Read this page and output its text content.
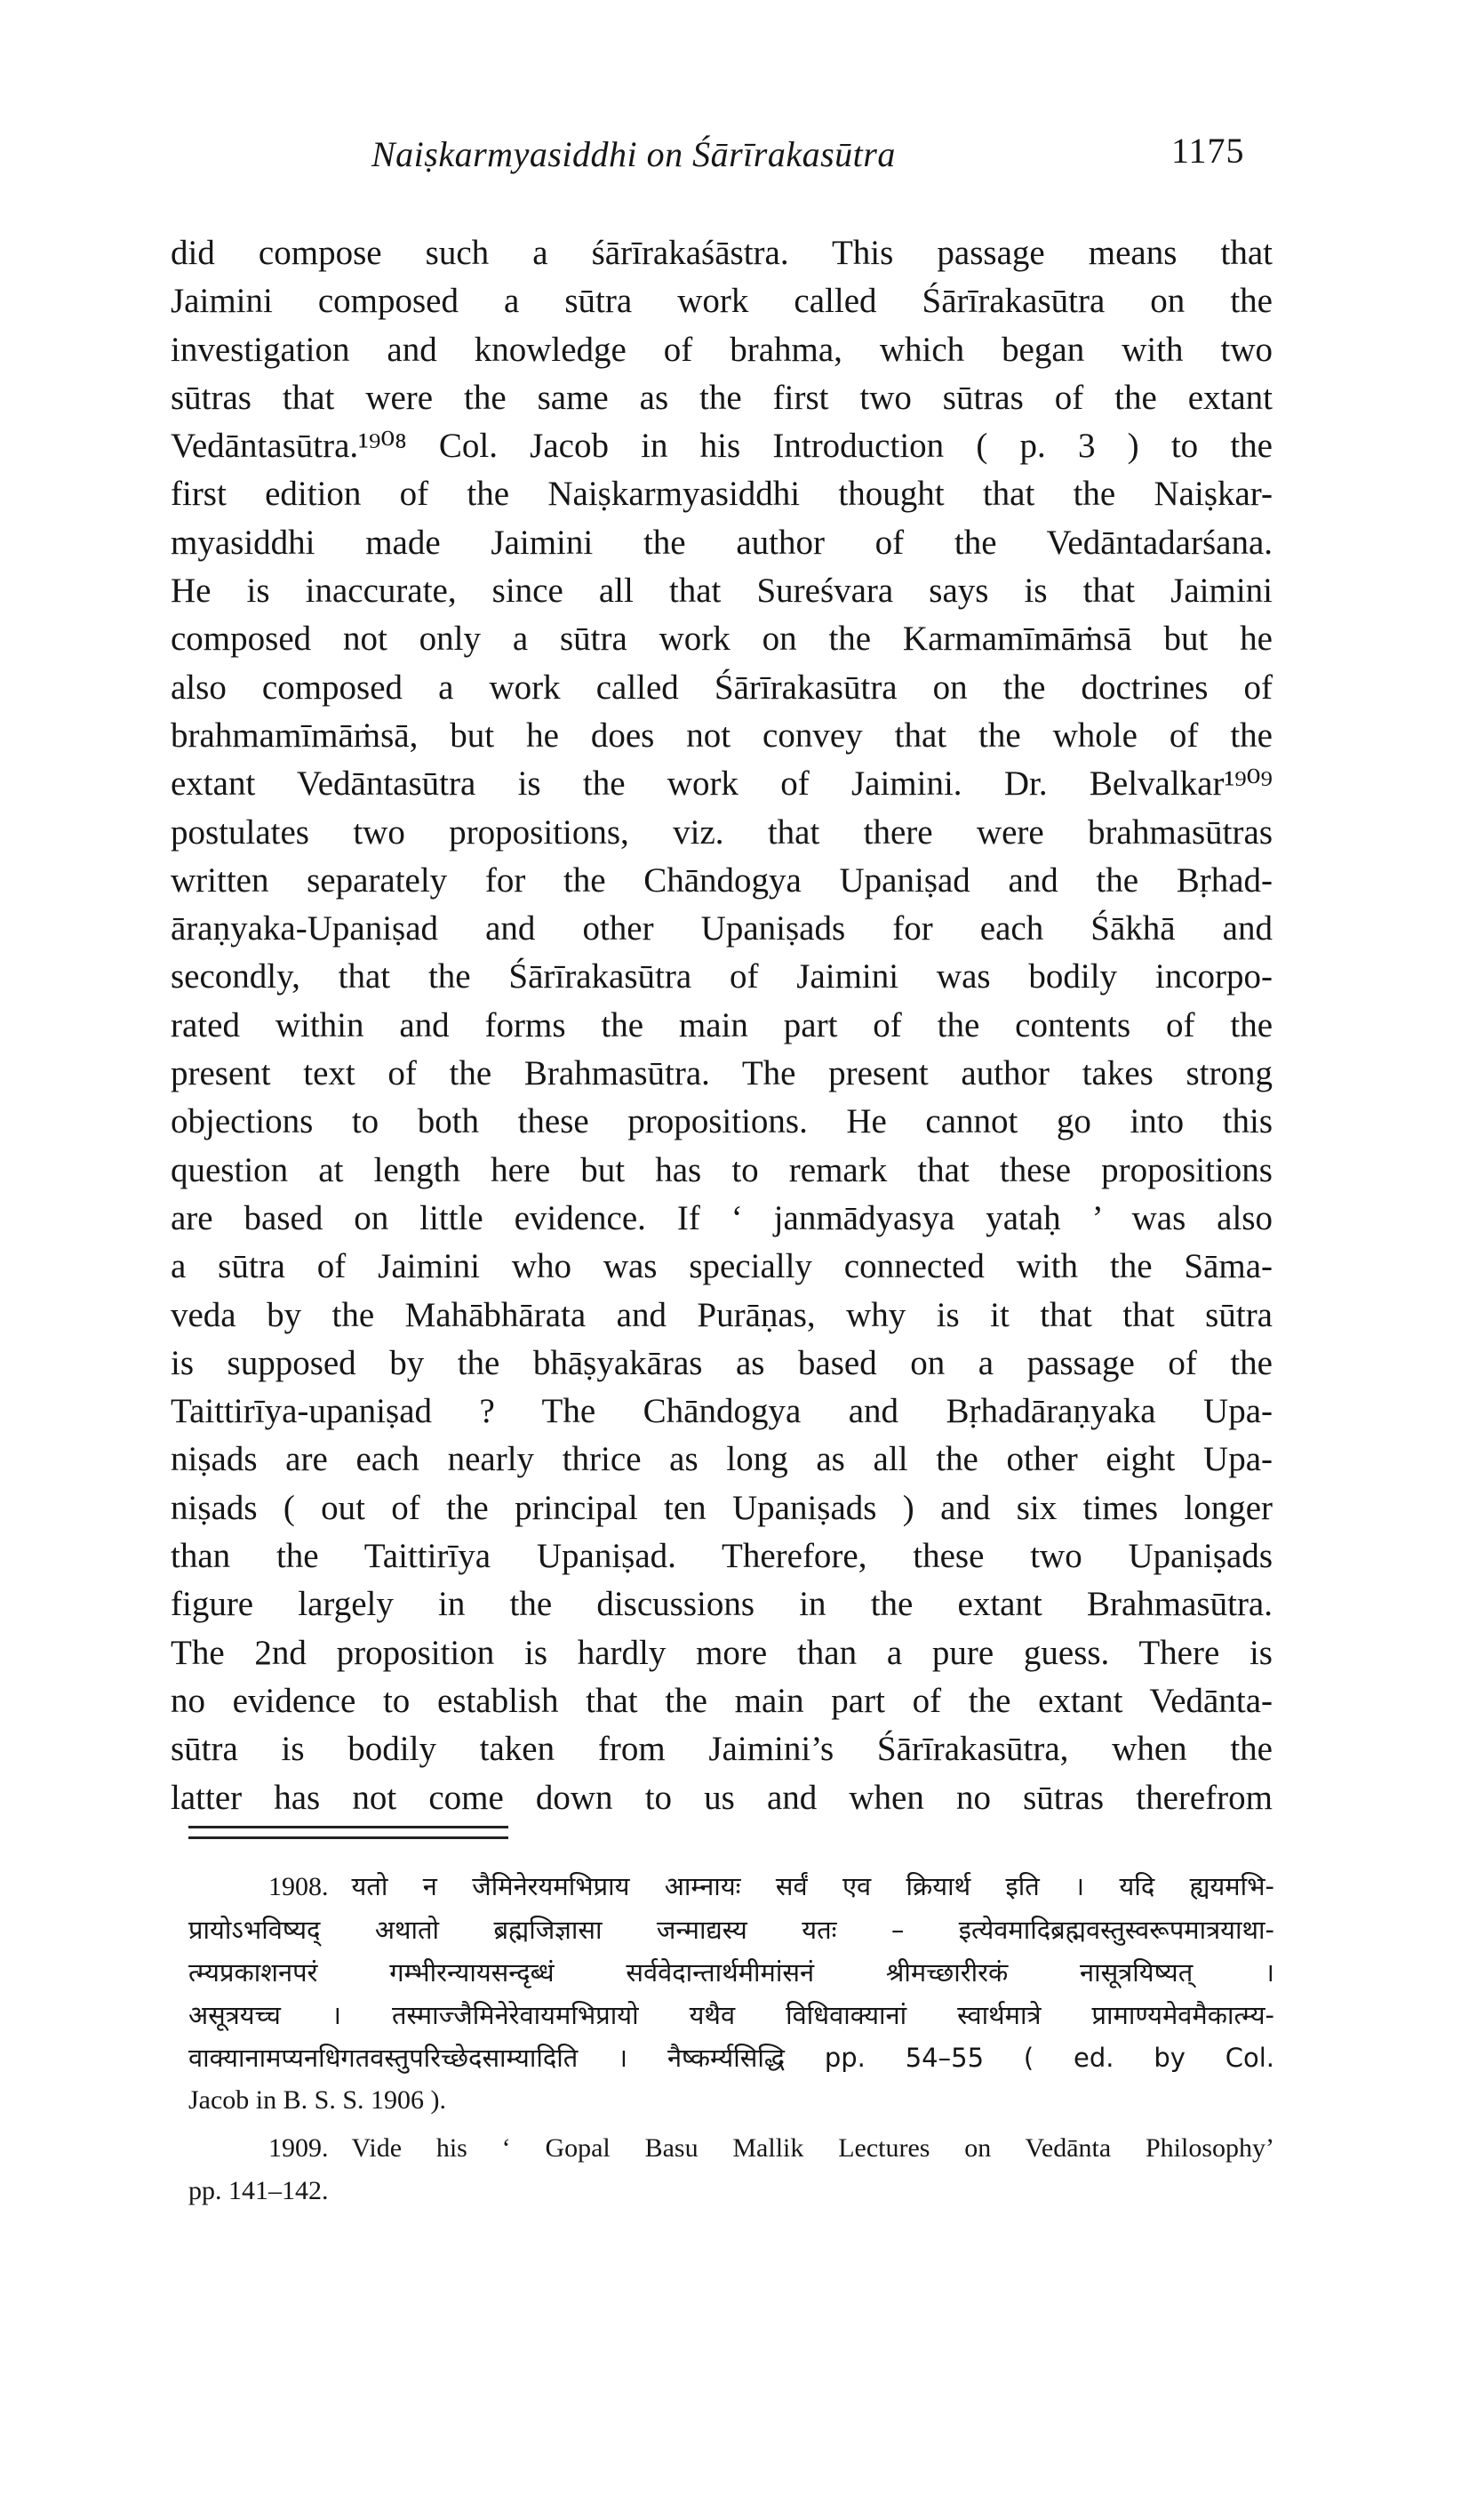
Naiṣkarmyasiddhi on Śārīrakasūtra	1175
did compose such a śārīrakaśāstra. This passage means that
Jaimini composed a sūtra work called Śārīrakasūtra on the
investigation and knowledge of brahma, which began with two
sūtras that were the same as the first two sūtras of the extant
Vedāntasūtra.¹⁹⁰⁸ Col. Jacob in his Introduction ( p. 3 ) to the
first edition of the Naiṣkarmyasiddhi thought that the Naiṣkar-
myasiddhi made Jaimini the author of the Vedāntadarśana.
He is inaccurate, since all that Sureśvara says is that Jaimini
composed not only a sūtra work on the Karmamīmāṁsā but he
also composed a work called Śārīrakasūtra on the doctrines of
brahmamīmāṁsā, but he does not convey that the whole of the
extant Vedāntasūtra is the work of Jaimini. Dr. Belvalkar¹⁹⁰⁹
postulates two propositions, viz. that there were brahmasūtras
written separately for the Chāndogya Upaniṣad and the Bṛhad-
āraṇyaka-Upaniṣad and other Upaniṣads for each Śākhā and
secondly, that the Śārīrakasūtra of Jaimini was bodily incorpo-
rated within and forms the main part of the contents of the
present text of the Brahmasūtra. The present author takes strong
objections to both these propositions. He cannot go into this
question at length here but has to remark that these propositions
are based on little evidence. If ‘ janmādyasya yataḥ ’ was also
a sūtra of Jaimini who was specially connected with the Sāma-
veda by the Mahābhārata and Purāṇas, why is it that that sūtra
is supposed by the bhāṣyakāras as based on a passage of the
Taittirīya-upaniṣad ? The Chāndogya and Bṛhadāraṇyaka Upa-
niṣads are each nearly thrice as long as all the other eight Upa-
niṣads ( out of the principal ten Upaniṣads ) and six times longer
than the Taittirīya Upaniṣad. Therefore, these two Upaniṣads
figure largely in the discussions in the extant Brahmasūtra.
The 2nd proposition is hardly more than a pure guess. There is
no evidence to establish that the main part of the extant Vedānta-
sūtra is bodily taken from Jaimini’s Śārīrakasūtra, when the
latter has not come down to us and when no sūtras therefrom
1908. यतो न जैमिनेरयमभिप्राय आम्नायः सर्वं एव क्रियार्थ इति । यदि ह्ययमभि-
प्रायोऽभविष्यद् अथातो ब्रह्मजिज्ञासा जन्माद्यस्य यतः – इत्येवमादिब्रह्मवस्तुस्वरूपमात्रयाथा-
त्म्यप्रकाशनपरं गम्भीरन्यायसन्दृब्धं सर्ववेदान्तार्थमीमांसनं श्रीमच्छारीरकं नासूत्रयिष्यत् ।
असूत्रयच्च । तस्माज्जैमिनेरेवायमभिप्रायो यथैव विधिवाक्यानां स्वार्थमात्रे प्रामाण्यमेवमैकात्म्य-
वाक्यानामप्यनधिगतवस्तुपरिच्छेदसाम्यादिति । नैष्कर्म्यसिद्धि pp. 54–55 ( ed. by Col.
Jacob in B. S. S. 1906 ).
1909. Vide his ‘ Gopal Basu Mallik Lectures on Vedānta Philosophy’
pp. 141–142.
